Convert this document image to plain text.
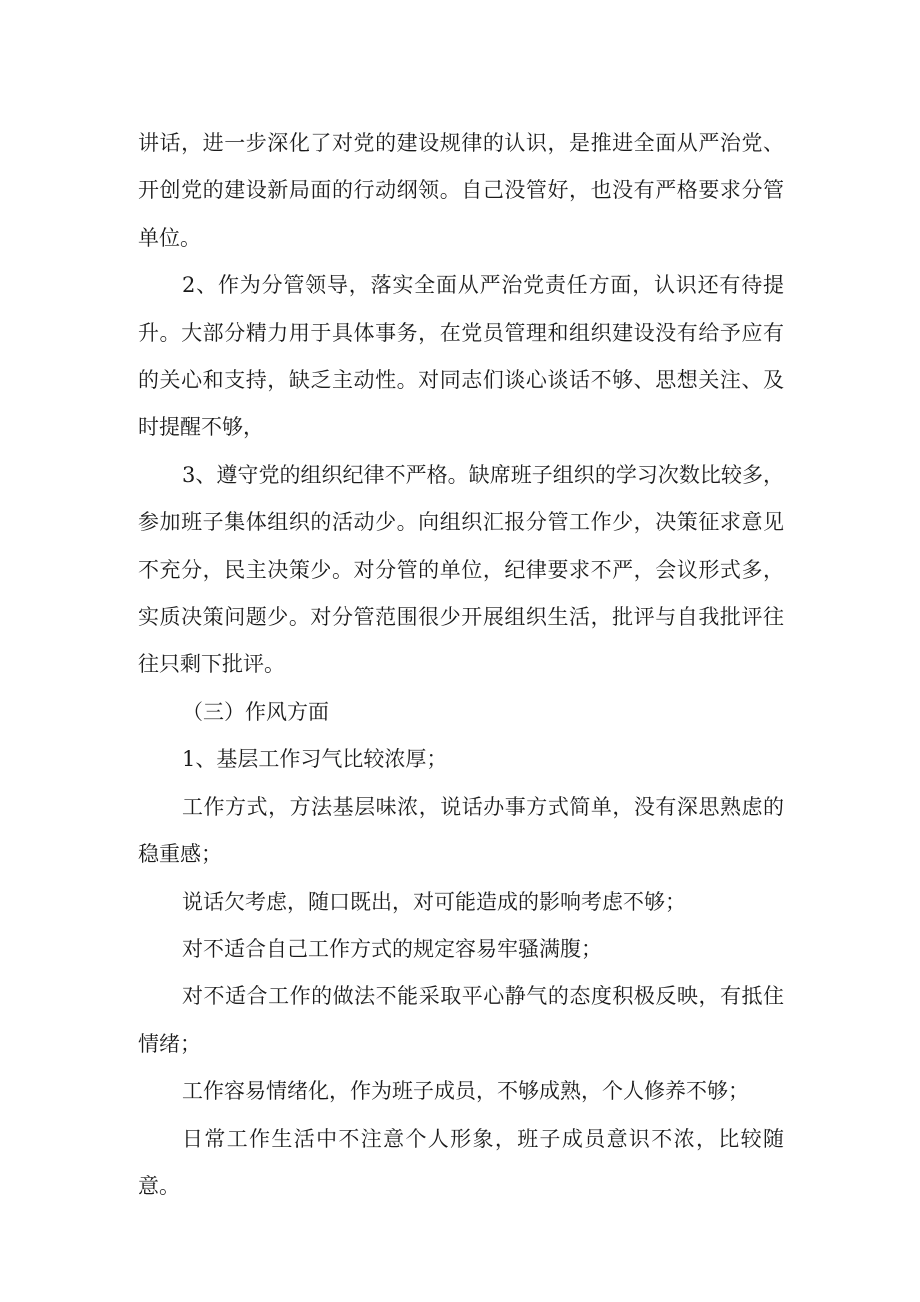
讲话，进一步深化了对党的建设规律的认识，是推进全面从严治党、开创党的建设新局面的行动纲领。自己没管好，也没有严格要求分管单位。

2、作为分管领导，落实全面从严治党责任方面，认识还有待提升。大部分精力用于具体事务，在党员管理和组织建设没有给予应有的关心和支持，缺乏主动性。对同志们谈心谈话不够、思想关注、及时提醒不够，

3、遵守党的组织纪律不严格。缺席班子组织的学习次数比较多，参加班子集体组织的活动少。向组织汇报分管工作少，决策征求意见不充分，民主决策少。对分管的单位，纪律要求不严，会议形式多，实质决策问题少。对分管范围很少开展组织生活，批评与自我批评往往只剩下批评。

（三）作风方面

1、基层工作习气比较浓厚；

工作方式，方法基层味浓，说话办事方式简单，没有深思熟虑的稳重感；

说话欠考虑，随口既出，对可能造成的影响考虑不够；

对不适合自己工作方式的规定容易牢骚满腹；

对不适合工作的做法不能采取平心静气的态度积极反映，有抵住情绪；

工作容易情绪化，作为班子成员，不够成熟，个人修养不够；

日常工作生活中不注意个人形象，班子成员意识不浓，比较随意。
